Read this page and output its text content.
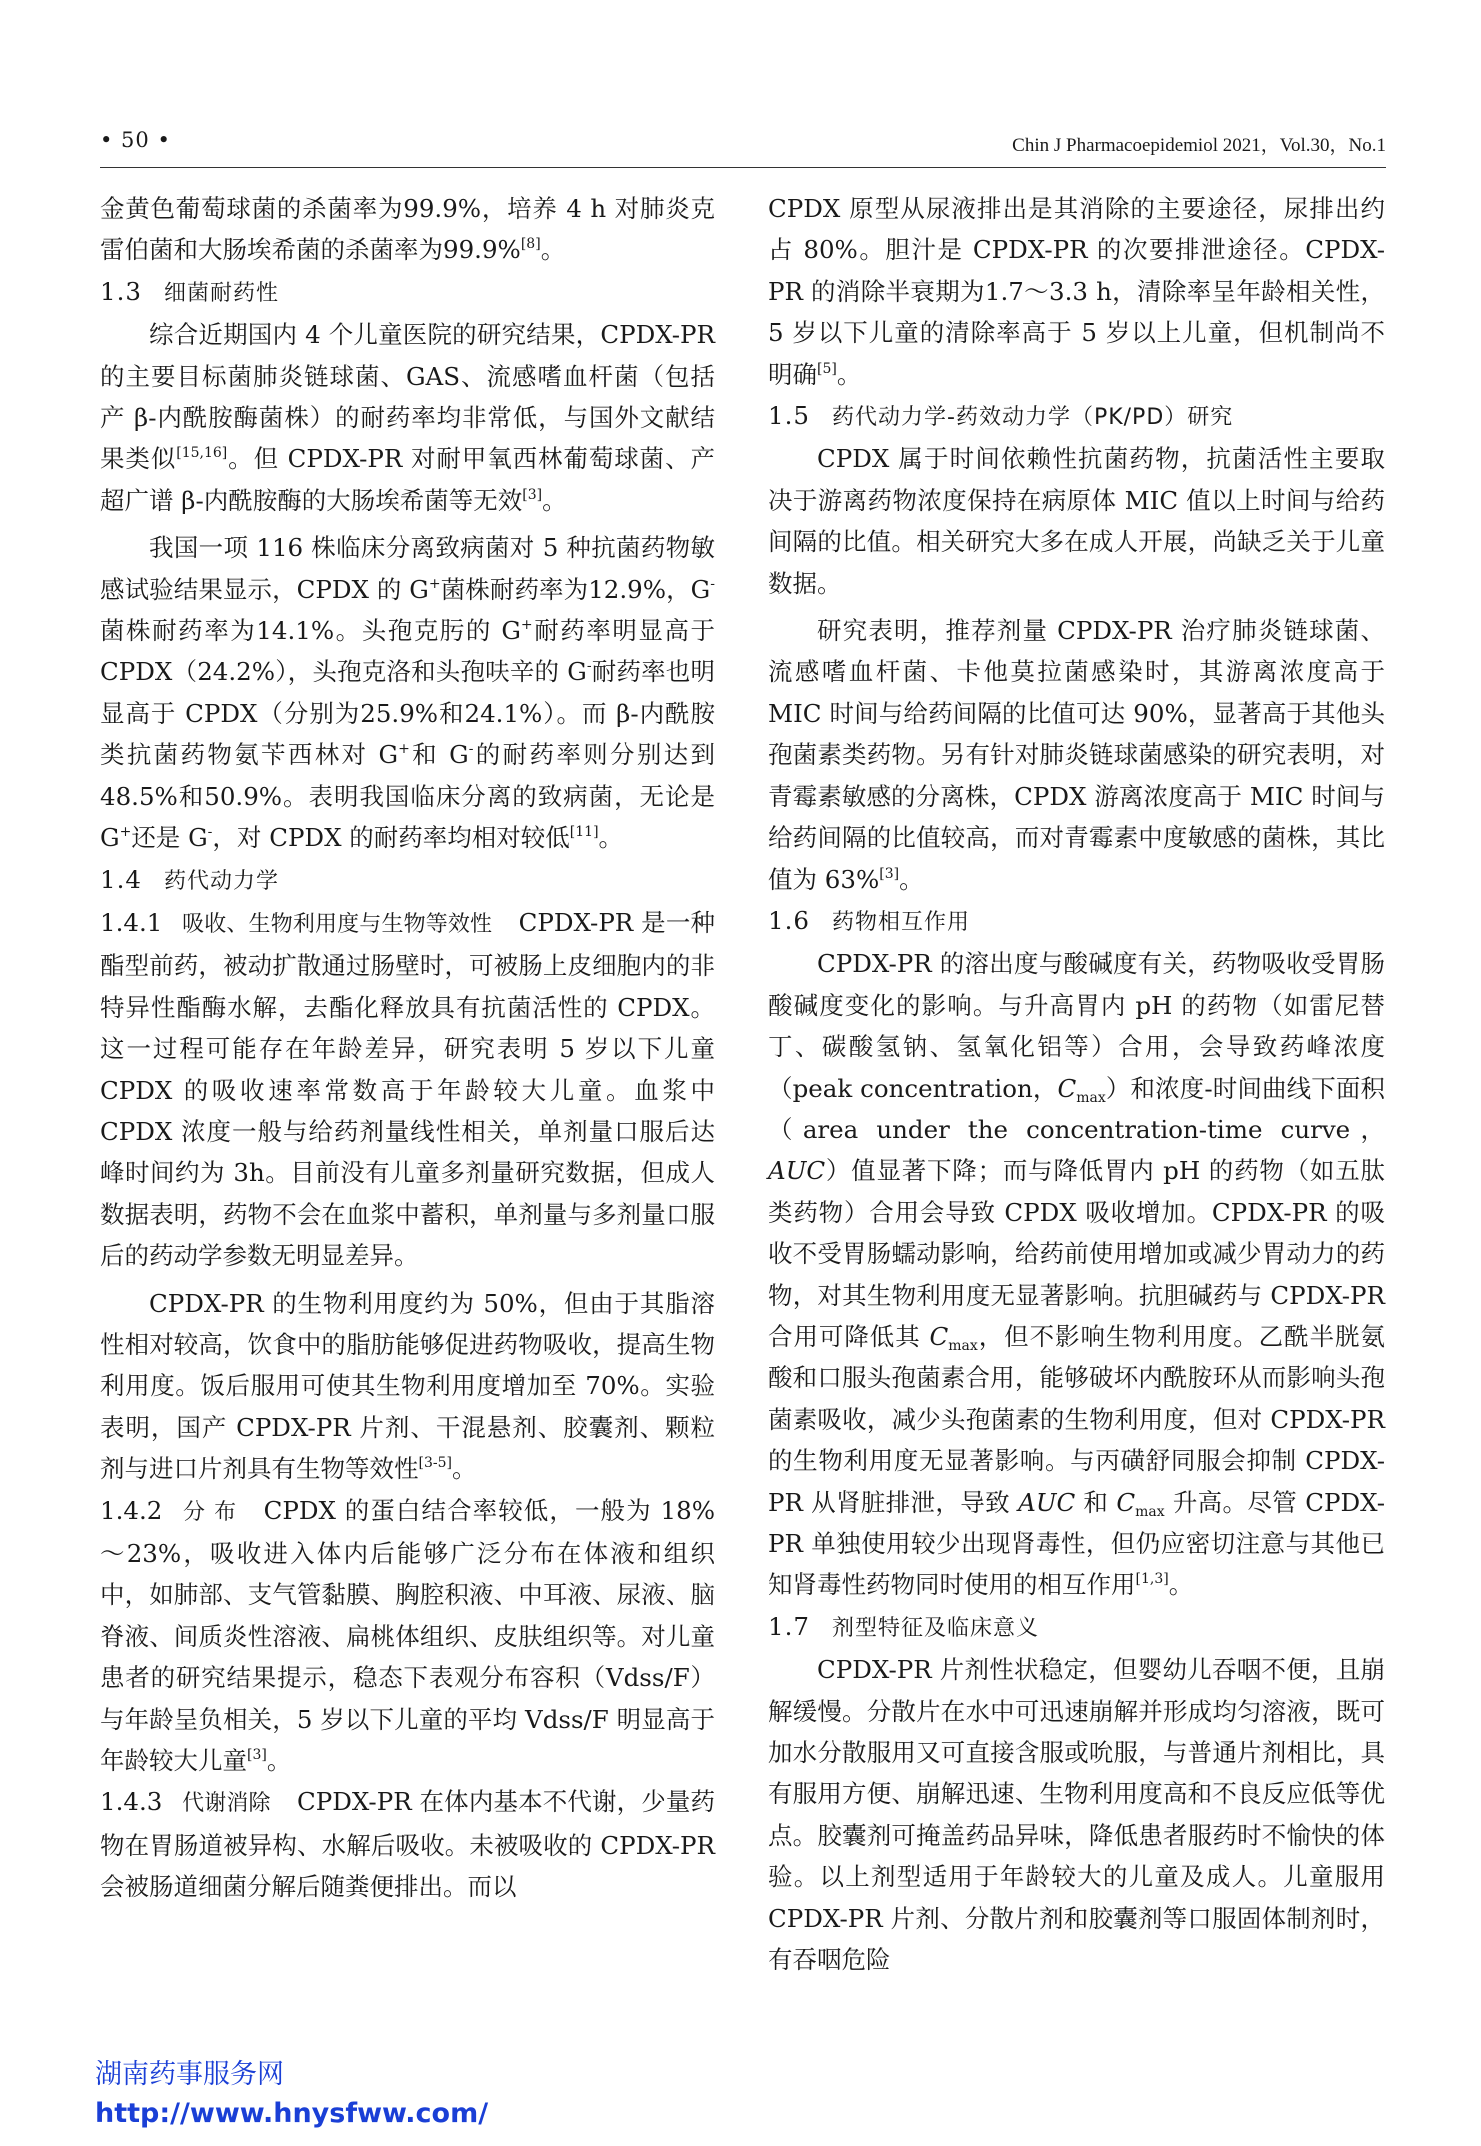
• 50 •	Chin J Pharmacoepidemiol 2021，Vol.30，No.1

金黄色葡萄球菌的杀菌率为99.9%，培养 4 h 对肺炎克雷伯菌和大肠埃希菌的杀菌率为99.9%[8]。

1.3 细菌耐药性

综合近期国内 4 个儿童医院的研究结果，CPDX-PR 的主要目标菌肺炎链球菌、GAS、流感嗜血杆菌（包括产 β-内酰胺酶菌株）的耐药率均非常低，与国外文献结果类似[15,16]。但 CPDX-PR 对耐甲氧西林葡萄球菌、产超广谱 β-内酰胺酶的大肠埃希菌等无效[3]。

我国一项 116 株临床分离致病菌对 5 种抗菌药物敏感试验结果显示，CPDX 的 G+菌株耐药率为12.9%，G-菌株耐药率为14.1%。头孢克肟的 G+耐药率明显高于 CPDX（24.2%），头孢克洛和头孢呋辛的 G-耐药率也明显高于 CPDX（分别为25.9%和24.1%）。而 β-内酰胺类抗菌药物氨苄西林对 G+和 G-的耐药率则分别达到48.5%和50.9%。表明我国临床分离的致病菌，无论是 G+还是 G-，对 CPDX 的耐药率均相对较低[11]。

1.4 药代动力学

1.4.1 吸收、生物利用度与生物等效性 CPDX-PR 是一种酯型前药，被动扩散通过肠壁时，可被肠上皮细胞内的非特异性酯酶水解，去酯化释放具有抗菌活性的 CPDX。这一过程可能存在年龄差异，研究表明 5 岁以下儿童 CPDX 的吸收速率常数高于年龄较大儿童。血浆中 CPDX 浓度一般与给药剂量线性相关，单剂量口服后达峰时间约为 3h。目前没有儿童多剂量研究数据，但成人数据表明，药物不会在血浆中蓄积，单剂量与多剂量口服后的药动学参数无明显差异。

CPDX-PR 的生物利用度约为 50%，但由于其脂溶性相对较高，饮食中的脂肪能够促进药物吸收，提高生物利用度。饭后服用可使其生物利用度增加至 70%。实验表明，国产 CPDX-PR 片剂、干混悬剂、胶囊剂、颗粒剂与进口片剂具有生物等效性[3-5]。

1.4.2 分 布 CPDX 的蛋白结合率较低，一般为 18%～23%，吸收进入体内后能够广泛分布在体液和组织中，如肺部、支气管黏膜、胸腔积液、中耳液、尿液、脑脊液、间质炎性溶液、扁桃体组织、皮肤组织等。对儿童患者的研究结果提示，稳态下表观分布容积（Vdss/F）与年龄呈负相关，5 岁以下儿童的平均 Vdss/F 明显高于年龄较大儿童[3]。

1.4.3 代谢消除 CPDX-PR 在体内基本不代谢，少量药物在胃肠道被异构、水解后吸收。未被吸收的 CPDX-PR 会被肠道细菌分解后随粪便排出。而以

CPDX 原型从尿液排出是其消除的主要途径，尿排出约占 80%。胆汁是 CPDX-PR 的次要排泄途径。CPDX-PR 的消除半衰期为1.7～3.3 h，清除率呈年龄相关性，5 岁以下儿童的清除率高于 5 岁以上儿童，但机制尚不明确[5]。

1.5 药代动力学-药效动力学（PK/PD）研究

CPDX 属于时间依赖性抗菌药物，抗菌活性主要取决于游离药物浓度保持在病原体 MIC 值以上时间与给药间隔的比值。相关研究大多在成人开展，尚缺乏关于儿童数据。

研究表明，推荐剂量 CPDX-PR 治疗肺炎链球菌、流感嗜血杆菌、卡他莫拉菌感染时，其游离浓度高于 MIC 时间与给药间隔的比值可达 90%，显著高于其他头孢菌素类药物。另有针对肺炎链球菌感染的研究表明，对青霉素敏感的分离株，CPDX 游离浓度高于 MIC 时间与给药间隔的比值较高，而对青霉素中度敏感的菌株，其比值为 63%[3]。

1.6 药物相互作用

CPDX-PR 的溶出度与酸碱度有关，药物吸收受胃肠酸碱度变化的影响。与升高胃内 pH 的药物（如雷尼替丁、碳酸氢钠、氢氧化铝等）合用，会导致药峰浓度（peak concentration，$C_{max}$）和浓度-时间曲线下面积（area under the concentration-time curve，AUC）值显著下降；而与降低胃内 pH 的药物（如五肽类药物）合用会导致 CPDX 吸收增加。CPDX-PR 的吸收不受胃肠蠕动影响，给药前使用增加或减少胃动力的药物，对其生物利用度无显著影响。抗胆碱药与 CPDX-PR 合用可降低其 $C_{max}$，但不影响生物利用度。乙酰半胱氨酸和口服头孢菌素合用，能够破坏内酰胺环从而影响头孢菌素吸收，减少头孢菌素的生物利用度，但对 CPDX-PR 的生物利用度无显著影响。与丙磺舒同服会抑制 CPDX-PR 从肾脏排泄，导致 AUC 和 $C_{max}$ 升高。尽管 CPDX-PR 单独使用较少出现肾毒性，但仍应密切注意与其他已知肾毒性药物同时使用的相互作用[1,3]。

1.7 剂型特征及临床意义

CPDX-PR 片剂性状稳定，但婴幼儿吞咽不便，且崩解缓慢。分散片在水中可迅速崩解并形成均匀溶液，既可加水分散服用又可直接含服或吮服，与普通片剂相比，具有服用方便、崩解迅速、生物利用度高和不良反应低等优点。胶囊剂可掩盖药品异味，降低患者服药时不愉快的体验。以上剂型适用于年龄较大的儿童及成人。儿童服用 CPDX-PR 片剂、分散片剂和胶囊剂等口服固体制剂时，有吞咽危险

湖南药事服务网
http://www.hnysfww.com/
